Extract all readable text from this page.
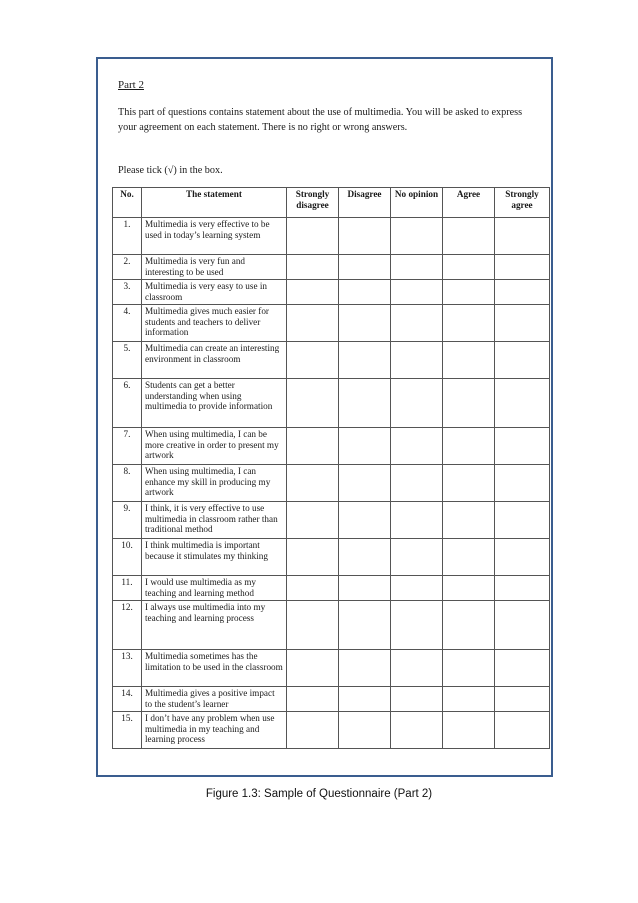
Part 2
This part of questions contains statement about the use of multimedia. You will be asked to express your agreement on each statement. There is no right or wrong answers.
Please tick (√) in the box.
No.	The statement	Strongly disagree	Disagree	No opinion	Agree	Strongly agree
1.	Multimedia is very effective to be used in today’s learning system					
2.	Multimedia is very fun and interesting to be used					
3.	Multimedia is very easy to use in classroom					
4.	Multimedia gives much easier for students and teachers to deliver information					
5.	Multimedia can create an interesting environment in classroom					
6.	Students can get a better understanding when using multimedia to provide information					
7.	When using multimedia, I can be more creative in order to present my artwork					
8.	When using multimedia, I can enhance my skill in producing my artwork					
9.	I think, it is very effective to use multimedia in classroom rather than traditional method					
10.	I think multimedia is important because it stimulates my thinking					
11.	I would use multimedia as my teaching and learning method					
12.	I always use multimedia into my teaching and learning process					
13.	Multimedia sometimes has the limitation to be used in the classroom					
14.	Multimedia gives a positive impact to the student’s learner					
15.	I don’t have any problem when use multimedia in my teaching and learning process					
Figure 1.3: Sample of Questionnaire (Part 2)
